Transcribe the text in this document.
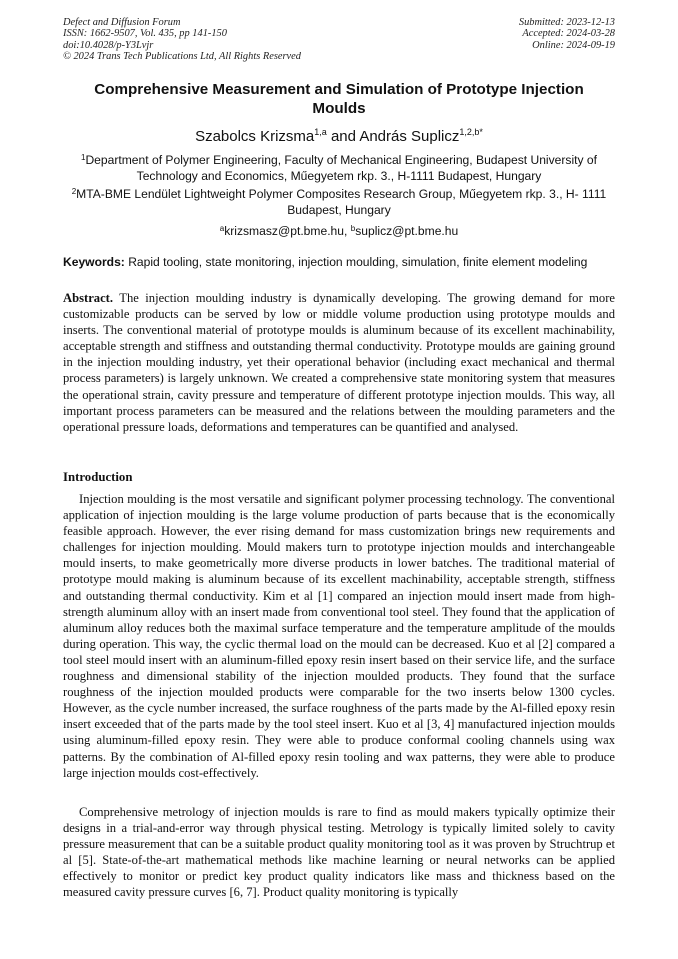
Defect and Diffusion Forum
ISSN: 1662-9507, Vol. 435, pp 141-150
doi:10.4028/p-Y3Lvjr
© 2024 Trans Tech Publications Ltd, All Rights Reserved
Submitted: 2023-12-13
Accepted: 2024-03-28
Online: 2024-09-19
Comprehensive Measurement and Simulation of Prototype Injection Moulds
Szabolcs Krizsma$^{1,a}$ and András Suplicz$^{1,2,b*}$
$^1$Department of Polymer Engineering, Faculty of Mechanical Engineering, Budapest University of Technology and Economics, Műegyetem rkp. 3., H-1111 Budapest, Hungary
$^2$MTA-BME Lendület Lightweight Polymer Composites Research Group, Műegyetem rkp. 3., H- 1111 Budapest, Hungary
$^a$krizsmasz@pt.bme.hu, $^b$suplicz@pt.bme.hu
Keywords: Rapid tooling, state monitoring, injection moulding, simulation, finite element modeling
Abstract. The injection moulding industry is dynamically developing. The growing demand for more customizable products can be served by low or middle volume production using prototype moulds and inserts. The conventional material of prototype moulds is aluminum because of its excellent machinability, acceptable strength and stiffness and outstanding thermal conductivity. Prototype moulds are gaining ground in the injection moulding industry, yet their operational behavior (including exact mechanical and thermal process parameters) is largely unknown. We created a comprehensive state monitoring system that measures the operational strain, cavity pressure and temperature of different prototype injection moulds. This way, all important process parameters can be measured and the relations between the moulding parameters and the operational pressure loads, deformations and temperatures can be quantified and analysed.
Introduction
Injection moulding is the most versatile and significant polymer processing technology. The conventional application of injection moulding is the large volume production of parts because that is the economically feasible approach. However, the ever rising demand for mass customization brings new requirements and challenges for injection moulding. Mould makers turn to prototype injection moulds and interchangeable mould inserts, to make geometrically more diverse products in lower batches. The traditional material of prototype mould making is aluminum because of its excellent machinability, acceptable strength, stiffness and outstanding thermal conductivity. Kim et al [1] compared an injection mould insert made from high-strength aluminum alloy with an insert made from conventional tool steel. They found that the application of aluminum alloy reduces both the maximal surface temperature and the temperature amplitude of the moulds during operation. This way, the cyclic thermal load on the mould can be decreased. Kuo et al [2] compared a tool steel mould insert with an aluminum-filled epoxy resin insert based on their service life, and the surface roughness and dimensional stability of the injection moulded products. They found that the surface roughness of the injection moulded products were comparable for the two inserts below 1300 cycles. However, as the cycle number increased, the surface roughness of the parts made by the Al-filled epoxy resin insert exceeded that of the parts made by the tool steel insert. Kuo et al [3, 4] manufactured injection moulds using aluminum-filled epoxy resin. They were able to produce conformal cooling channels using wax patterns. By the combination of Al-filled epoxy resin tooling and wax patterns, they were able to produce large injection moulds cost-effectively.
Comprehensive metrology of injection moulds is rare to find as mould makers typically optimize their designs in a trial-and-error way through physical testing. Metrology is typically limited solely to cavity pressure measurement that can be a suitable product quality monitoring tool as it was proven by Struchtrup et al [5]. State-of-the-art mathematical methods like machine learning or neural networks can be applied effectively to monitor or predict key product quality indicators like mass and thickness based on the measured cavity pressure curves [6, 7]. Product quality monitoring is typically
